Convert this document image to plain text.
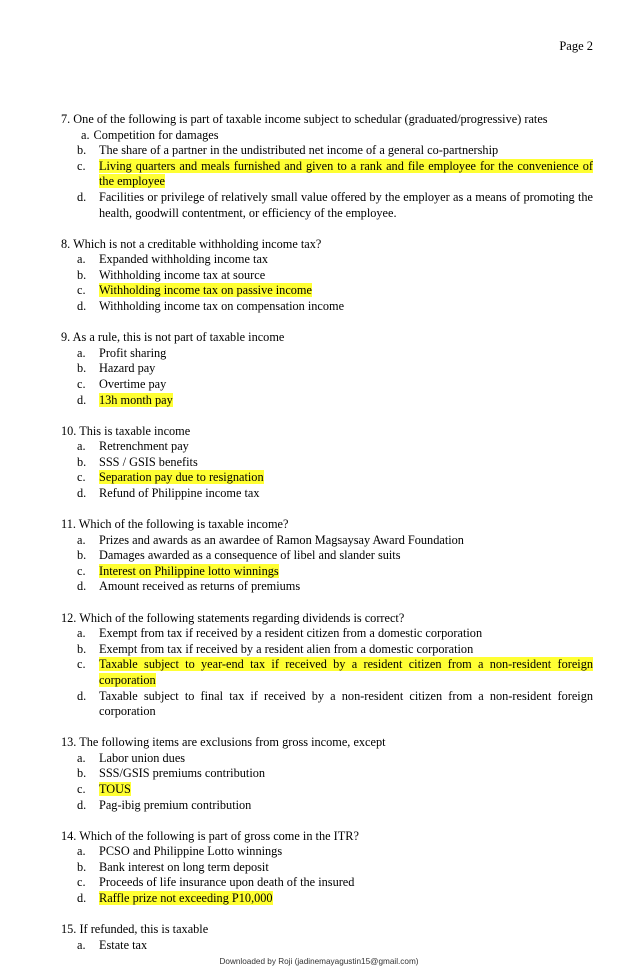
Page 2
7. One of the following is part of taxable income subject to schedular (graduated/progressive) rates
a. Competition for damages
b.	The share of a partner in the undistributed net income of a general co-partnership
c.	Living quarters and meals furnished and given to a rank and file employee for the convenience of the employee
d.	Facilities or privilege of relatively small value offered by the employer as a means of promoting the health, goodwill contentment, or efficiency of the employee.
8. Which is not a creditable withholding income tax?
a.	Expanded withholding income tax
b.	Withholding income tax at source
c.	Withholding income tax on passive income
d.	Withholding income tax on compensation income
9. As a rule, this is not part of taxable income
a.	Profit sharing
b.	Hazard pay
c.	Overtime pay
d.	13h month pay
10. This is taxable income
a.	Retrenchment pay
b.	SSS / GSIS benefits
c.	Separation pay due to resignation
d.	Refund of Philippine income tax
11. Which of the following is taxable income?
a.	Prizes and awards as an awardee of Ramon Magsaysay Award Foundation
b.	Damages awarded as a consequence of libel and slander suits
c.	Interest on Philippine lotto winnings
d.	Amount received as returns of premiums
12. Which of the following statements regarding dividends is correct?
a.	Exempt from tax if received by a resident citizen from a domestic corporation
b.	Exempt from tax if received by a resident alien from a domestic corporation
c.	Taxable subject to year-end tax if received by a resident citizen from a non-resident foreign corporation
d.	Taxable subject to final tax if received by a non-resident citizen from a non-resident foreign corporation
13. The following items are exclusions from gross income, except
a.	Labor union dues
b.	SSS/GSIS premiums contribution
c.	TOUS
d.	Pag-ibig premium contribution
14. Which of the following is part of gross come in the ITR?
a.	PCSO and Philippine Lotto winnings
b.	Bank interest on long term deposit
c.	Proceeds of life insurance upon death of the insured
d.	Raffle prize not exceeding P10,000
15. If refunded, this is taxable
a.	Estate tax
Downloaded by Roji (jadinemayagustin15@gmail.com)
